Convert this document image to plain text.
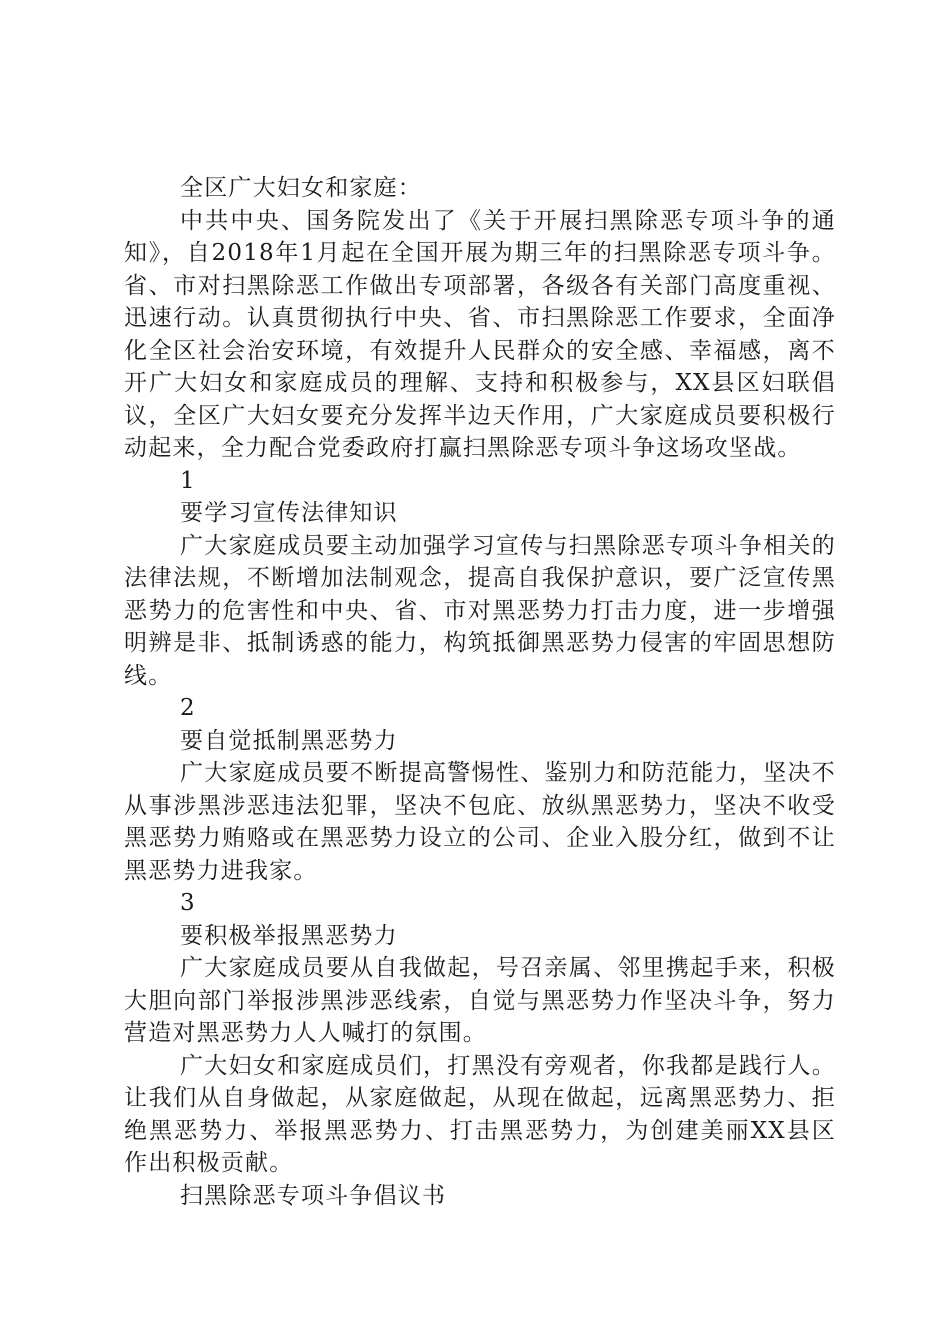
全区广大妇女和家庭：

中共中央、国务院发出了《关于开展扫黑除恶专项斗争的通知》，自2018年1月起在全国开展为期三年的扫黑除恶专项斗争。省、市对扫黑除恶工作做出专项部署，各级各有关部门高度重视、迅速行动。认真贯彻执行中央、省、市扫黑除恶工作要求，全面净化全区社会治安环境，有效提升人民群众的安全感、幸福感，离不开广大妇女和家庭成员的理解、支持和积极参与，XX县区妇联倡议，全区广大妇女要充分发挥半边天作用，广大家庭成员要积极行动起来，全力配合党委政府打赢扫黑除恶专项斗争这场攻坚战。

1

要学习宣传法律知识

广大家庭成员要主动加强学习宣传与扫黑除恶专项斗争相关的法律法规，不断增加法制观念，提高自我保护意识，要广泛宣传黑恶势力的危害性和中央、省、市对黑恶势力打击力度，进一步增强明辨是非、抵制诱惑的能力，构筑抵御黑恶势力侵害的牢固思想防线。

2

要自觉抵制黑恶势力

广大家庭成员要不断提高警惕性、鉴别力和防范能力，坚决不从事涉黑涉恶违法犯罪，坚决不包庇、放纵黑恶势力，坚决不收受黑恶势力贿赂或在黑恶势力设立的公司、企业入股分红，做到不让黑恶势力进我家。

3

要积极举报黑恶势力

广大家庭成员要从自我做起，号召亲属、邻里携起手来，积极大胆向部门举报涉黑涉恶线索，自觉与黑恶势力作坚决斗争，努力营造对黑恶势力人人喊打的氛围。

广大妇女和家庭成员们，打黑没有旁观者，你我都是践行人。让我们从自身做起，从家庭做起，从现在做起，远离黑恶势力、拒绝黑恶势力、举报黑恶势力、打击黑恶势力，为创建美丽XX县区作出积极贡献。

扫黑除恶专项斗争倡议书
